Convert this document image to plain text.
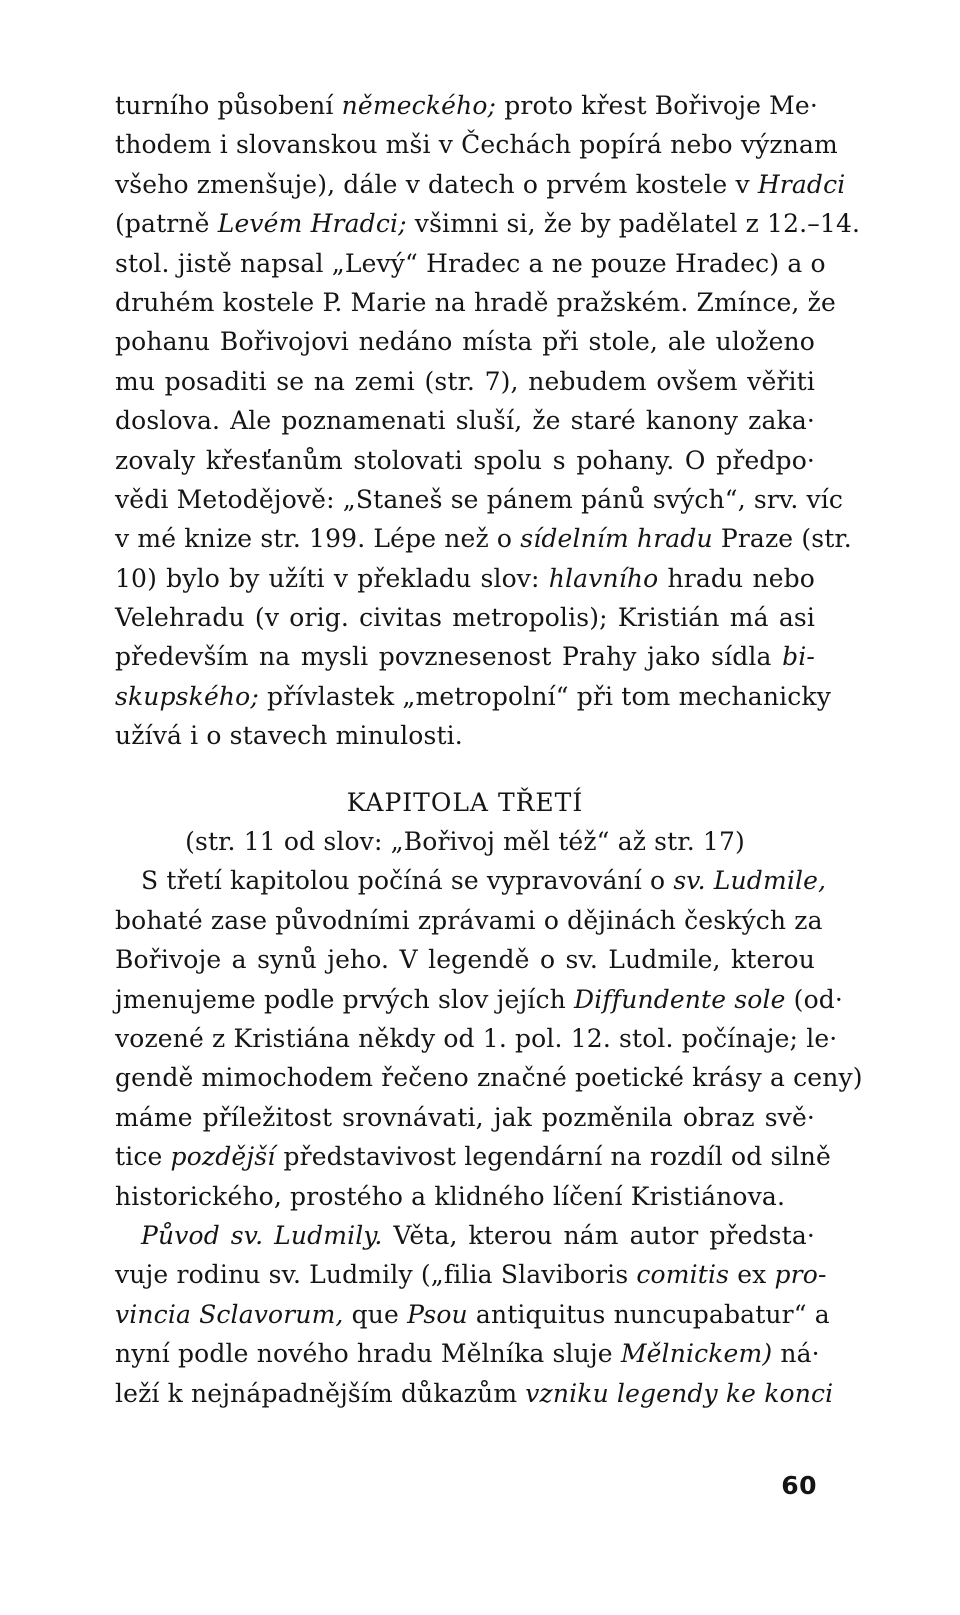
turního působení německého; proto křest Bořivoje Me·
thodem i slovanskou mši v Čechách popírá nebo význam
všeho zmenšuje), dále v datech o prvém kostele v Hradci
(patrně Levém Hradci; všimni si, že by padělatel z 12.–14.
stol. jistě napsal „Levý“ Hradec a ne pouze Hradec) a o
druhém kostele P. Marie na hradě pražském. Zmínce, že
pohanu Bořivojovi nedáno místa při stole, ale uloženo
mu posaditi se na zemi (str. 7), nebudem ovšem věřiti
doslova. Ale poznamenati sluší, že staré kanony zaka·
zovaly křesťanům stolovati spolu s pohany. O předpo·
vědi Metodějově: „Staneš se pánem pánů svých“, srv. víc
v mé knize str. 199. Lépe než o sídelním hradu Praze (str.
10) bylo by užíti v překladu slov: hlavního hradu nebo
Velehradu (v orig. civitas metropolis); Kristián má asi
především na mysli povznesenost Prahy jako sídla bi-
skupského; přívlastek „metropolní“ při tom mechanicky
užívá i o stavech minulosti.
KAPITOLA TŘETÍ
(str. 11 od slov: „Bořivoj měl též“ až str. 17)
S třetí kapitolou počíná se vypravování o sv. Ludmile,
bohaté zase původními zprávami o dějinách českých za
Bořivoje a synů jeho. V legendě o sv. Ludmile, kterou
jmenujeme podle prvých slov jejích Diffundente sole (od·
vozené z Kristiána někdy od 1. pol. 12. stol. počínaje; le·
gendě mimochodem řečeno značné poetické krásy a ceny)
máme příležitost srovnávati, jak pozměnila obraz svě·
tice pozdější představivost legendární na rozdíl od silně
historického, prostého a klidného líčení Kristiánova.
Původ sv. Ludmily. Věta, kterou nám autor předsta·
vuje rodinu sv. Ludmily („filia Slaviboris comitis ex pro-
vincia Sclavorum, que Psou antiquitus nuncupabatur“ a
nyní podle nového hradu Mělníka sluje Mělnickem) ná·
leží k nejnápadnějším důkazům vzniku legendy ke konci
60
